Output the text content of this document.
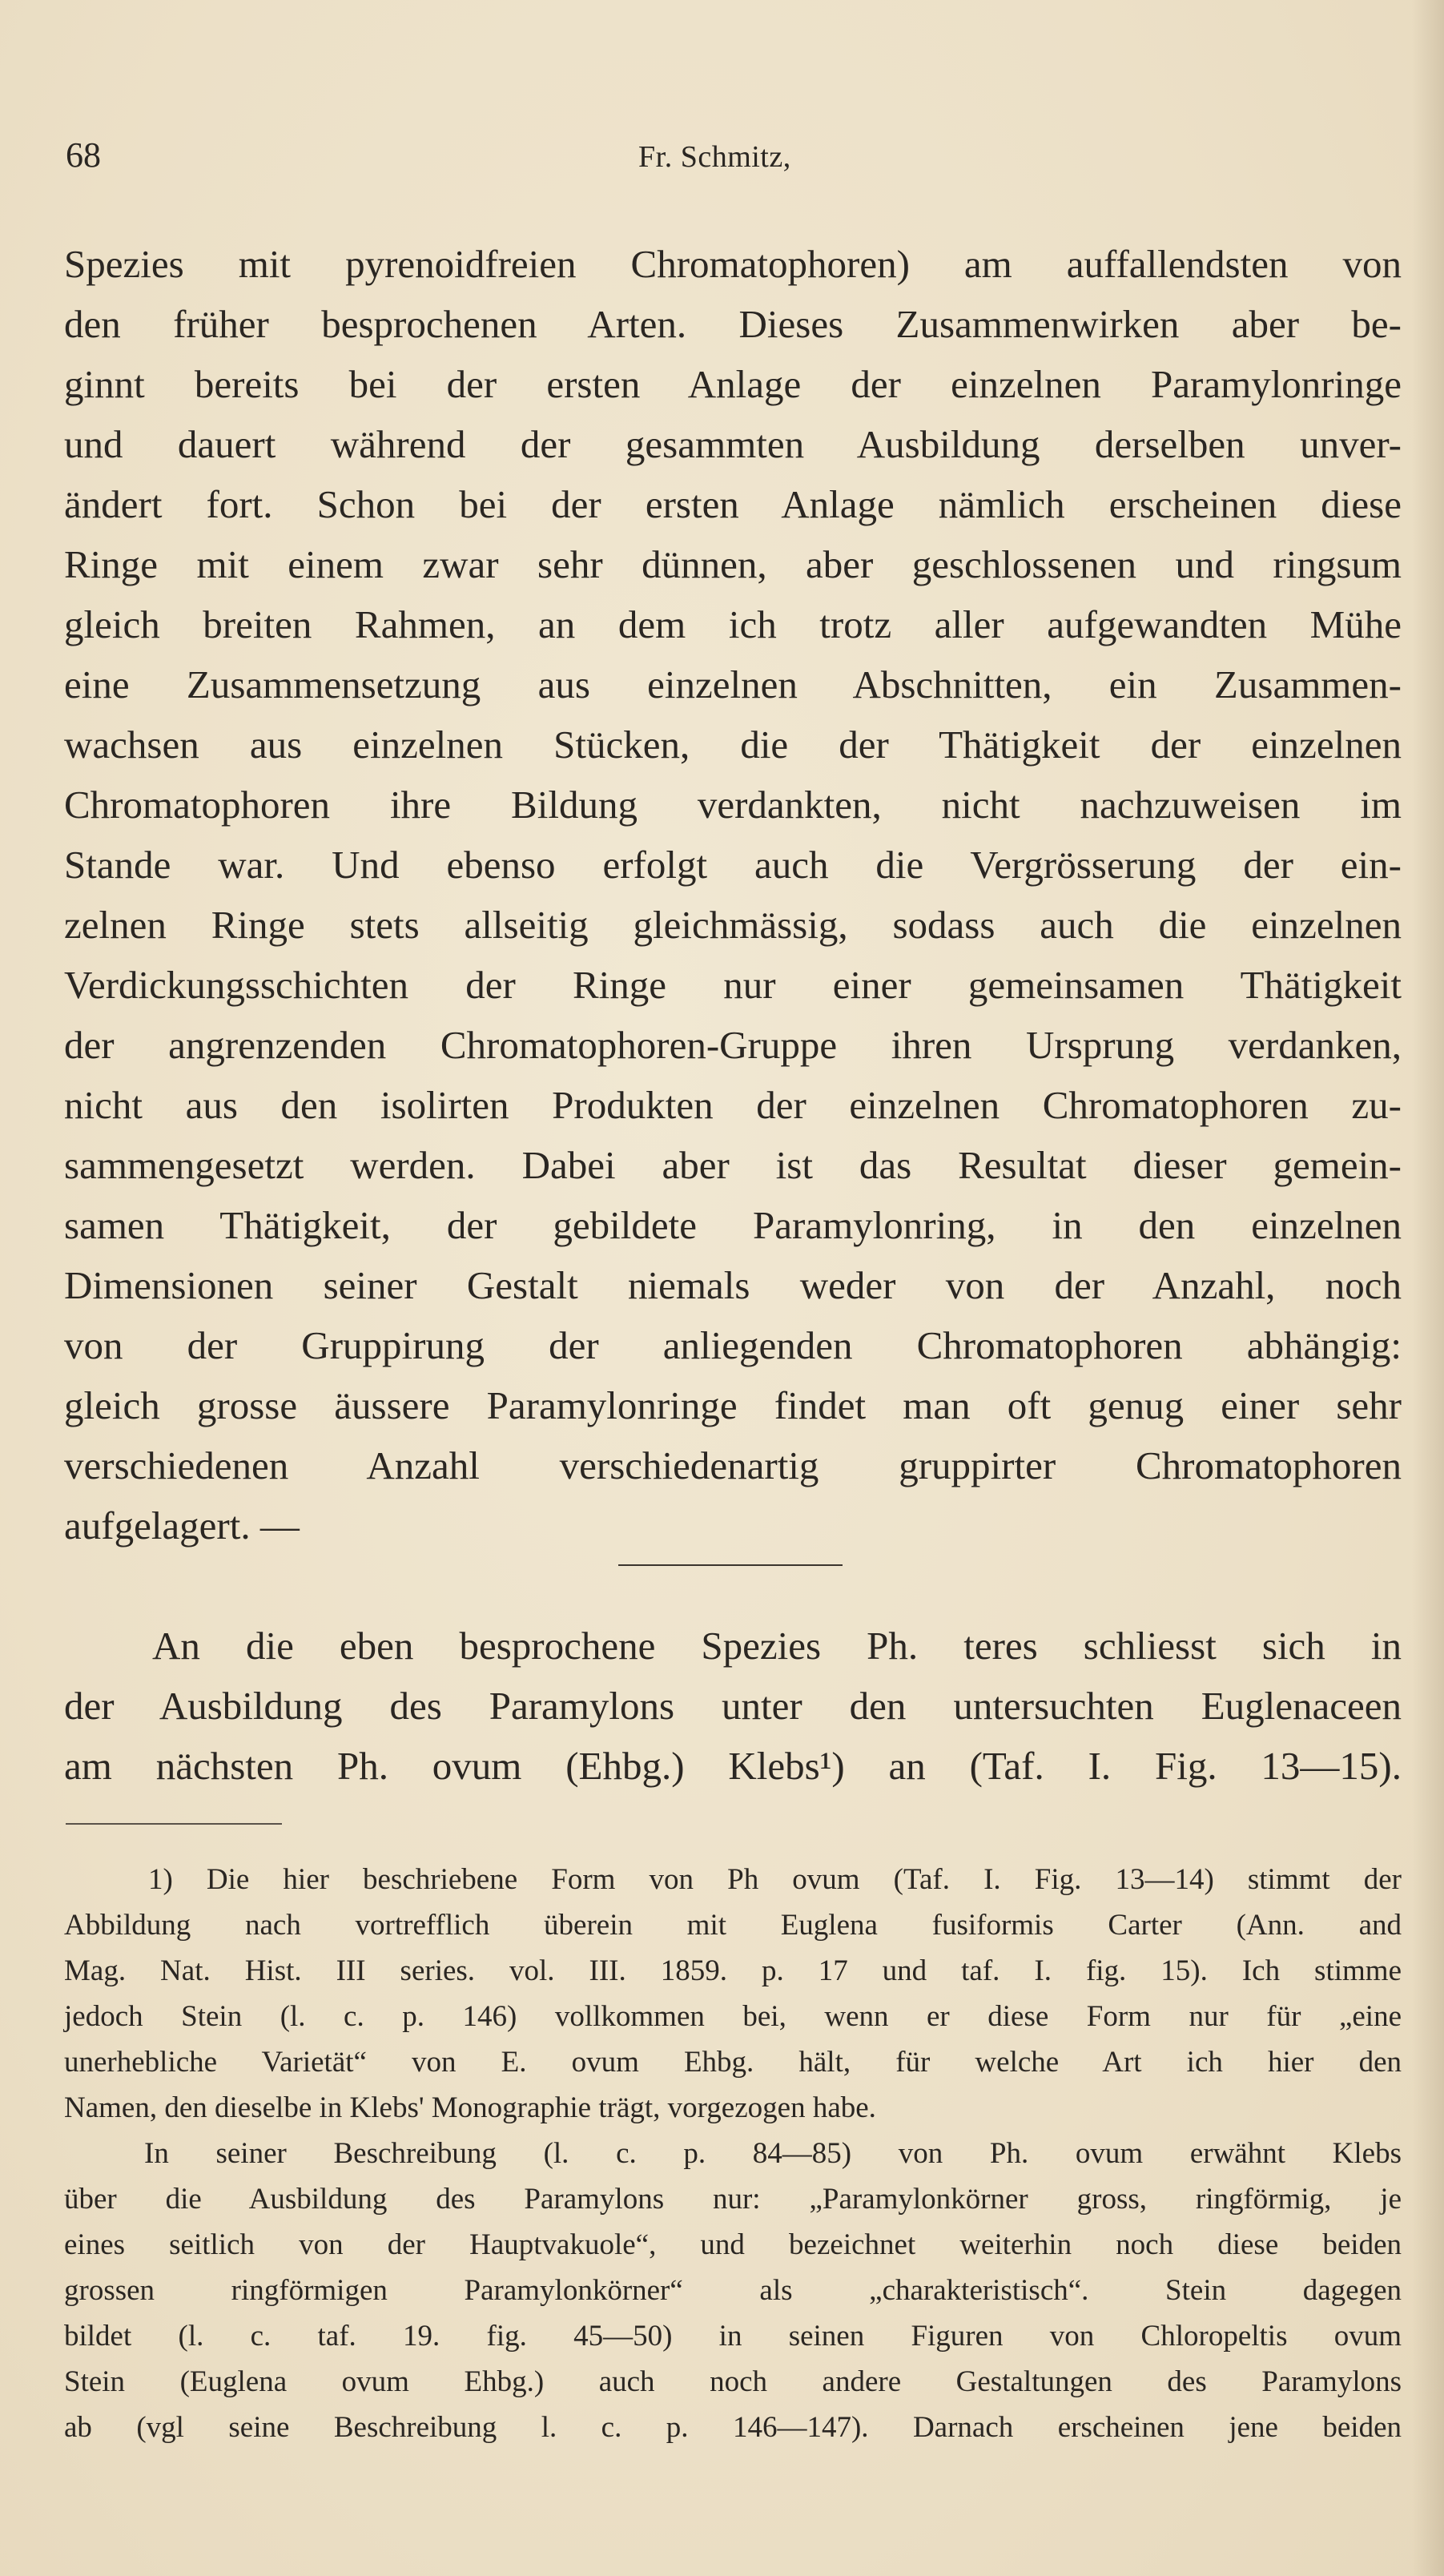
68	Fr. Schmitz,
Spezies mit pyrenoidfreien Chromatophoren) am auffallendsten von
den früher besprochenen Arten. Dieses Zusammenwirken aber be-
ginnt bereits bei der ersten Anlage der einzelnen Paramylonringe
und dauert während der gesammten Ausbildung derselben unver-
ändert fort. Schon bei der ersten Anlage nämlich erscheinen diese
Ringe mit einem zwar sehr dünnen, aber geschlossenen und ringsum
gleich breiten Rahmen, an dem ich trotz aller aufgewandten Mühe
eine Zusammensetzung aus einzelnen Abschnitten, ein Zusammen-
wachsen aus einzelnen Stücken, die der Thätigkeit der einzelnen
Chromatophoren ihre Bildung verdankten, nicht nachzuweisen im
Stande war. Und ebenso erfolgt auch die Vergrösserung der ein-
zelnen Ringe stets allseitig gleichmässig, sodass auch die einzelnen
Verdickungsschichten der Ringe nur einer gemeinsamen Thätigkeit
der angrenzenden Chromatophoren-Gruppe ihren Ursprung verdanken,
nicht aus den isolirten Produkten der einzelnen Chromatophoren zu-
sammengesetzt werden. Dabei aber ist das Resultat dieser gemein-
samen Thätigkeit, der gebildete Paramylonring, in den einzelnen
Dimensionen seiner Gestalt niemals weder von der Anzahl, noch
von der Gruppirung der anliegenden Chromatophoren abhängig:
gleich grosse äussere Paramylonringe findet man oft genug einer sehr
verschiedenen Anzahl verschiedenartig gruppirter Chromatophoren
aufgelagert. —
An die eben besprochene Spezies Ph. teres schliesst sich in
der Ausbildung des Paramylons unter den untersuchten Euglenaceen
am nächsten Ph. ovum (Ehbg.) Klebs¹) an (Taf. I. Fig. 13—15).
1) Die hier beschriebene Form von Ph ovum (Taf. I. Fig. 13—14) stimmt der
Abbildung nach vortrefflich überein mit Euglena fusiformis Carter (Ann. and
Mag. Nat. Hist. III series. vol. III. 1859. p. 17 und taf. I. fig. 15). Ich stimme
jedoch Stein (l. c. p. 146) vollkommen bei, wenn er diese Form nur für „eine
unerhebliche Varietät“ von E. ovum Ehbg. hält, für welche Art ich hier den
Namen, den dieselbe in Klebs' Monographie trägt, vorgezogen habe.
In seiner Beschreibung (l. c. p. 84—85) von Ph. ovum erwähnt Klebs
über die Ausbildung des Paramylons nur: „Paramylonkörner gross, ringförmig, je
eines seitlich von der Hauptvakuole“, und bezeichnet weiterhin noch diese beiden
grossen ringförmigen Paramylonkörner“ als „charakteristisch“. Stein dagegen
bildet (l. c. taf. 19. fig. 45—50) in seinen Figuren von Chloropeltis ovum
Stein (Euglena ovum Ehbg.) auch noch andere Gestaltungen des Paramylons
ab (vgl seine Beschreibung l. c. p. 146—147). Darnach erscheinen jene beiden
